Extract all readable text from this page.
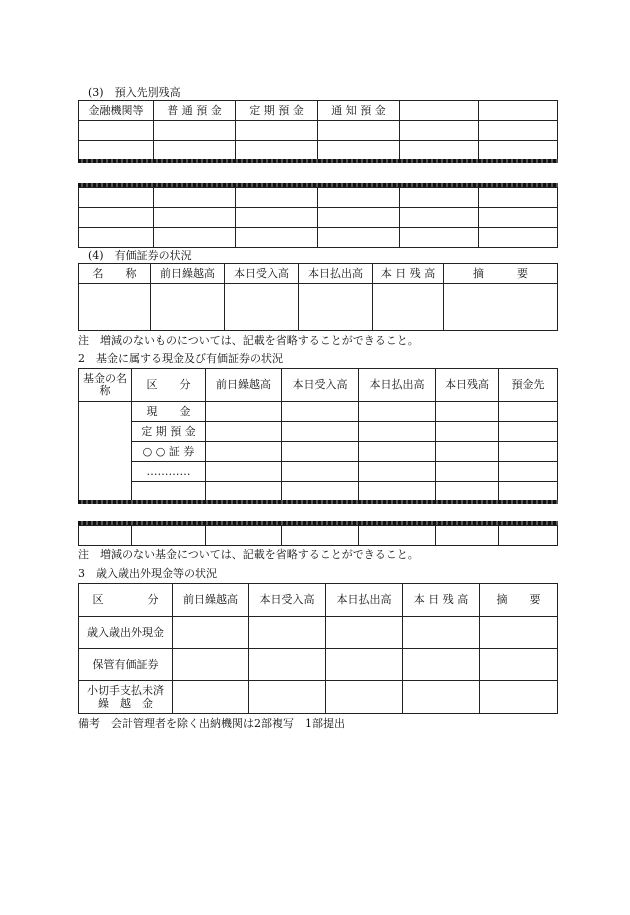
(3)　預入先別残高
金融機関等	普 通 預 金	定 期 預 金	通 知 預 金		

(4)　有価証券の状況
名　　称	前日繰越高	本日受入高	本日払出高	本 日 残 高	摘　　　要

注　増減のないものについては、記載を省略することができること。
2　基金に属する現金及び有価証券の状況
基金の名　称	区　　分	前日繰越高	本日受入高	本日払出高	本日残高	預金先
	現　　金					
	定 期 預 金					
	○ ○ 証 券					
	…………					

注　増減のない基金については、記載を省略することができること。
3　歳入歳出外現金等の状況
区　　　　分	前日繰越高	本日受入高	本日払出高	本 日 残 高	摘　　要
歳入歳出外現金					
保管有価証券					
小切手支払未済繰　越　金					
備考　会計管理者を除く出納機関は2部複写　1部提出
